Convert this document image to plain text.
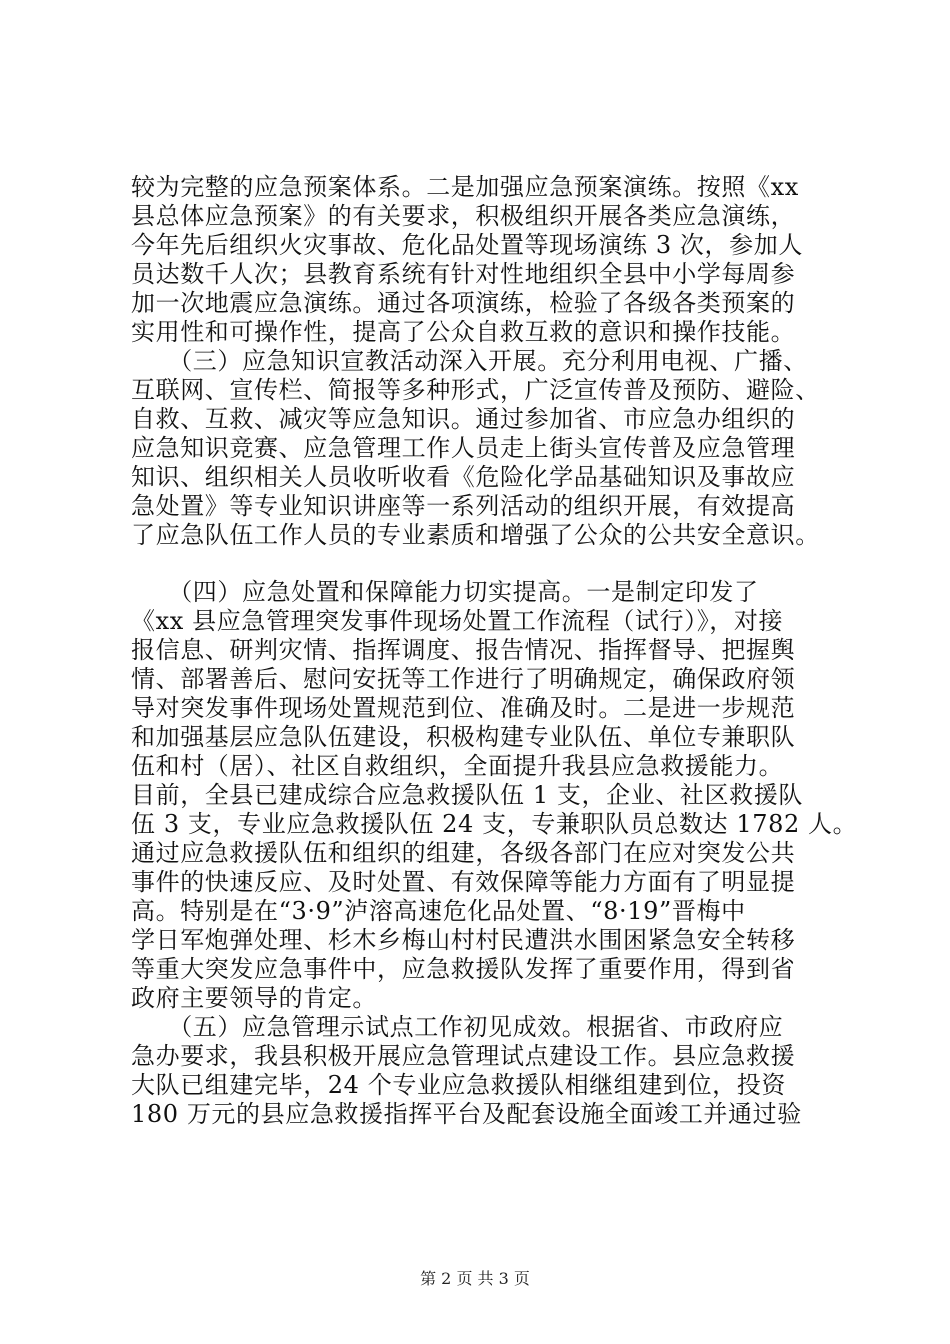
较为完整的应急预案体系。二是加强应急预案演练。按照《xx
县总体应急预案》的有关要求，积极组织开展各类应急演练，
今年先后组织火灾事故、危化品处置等现场演练 3 次，参加人
员达数千人次；县教育系统有针对性地组织全县中小学每周参
加一次地震应急演练。通过各项演练，检验了各级各类预案的
实用性和可操作性，提高了公众自救互救的意识和操作技能。
　　（三）应急知识宣教活动深入开展。充分利用电视、广播、
互联网、宣传栏、简报等多种形式，广泛宣传普及预防、避险、
自救、互救、减灾等应急知识。通过参加省、市应急办组织的
应急知识竞赛、应急管理工作人员走上街头宣传普及应急管理
知识、组织相关人员收听收看《危险化学品基础知识及事故应
急处置》等专业知识讲座等一系列活动的组织开展，有效提高
了应急队伍工作人员的专业素质和增强了公众的公共安全意识。
　　（四）应急处置和保障能力切实提高。一是制定印发了
《xx 县应急管理突发事件现场处置工作流程（试行）》，对接
报信息、研判灾情、指挥调度、报告情况、指挥督导、把握舆
情、部署善后、慰问安抚等工作进行了明确规定，确保政府领
导对突发事件现场处置规范到位、准确及时。二是进一步规范
和加强基层应急队伍建设，积极构建专业队伍、单位专兼职队
伍和村（居）、社区自救组织，全面提升我县应急救援能力。
目前，全县已建成综合应急救援队伍 1 支，企业、社区救援队
伍 3 支，专业应急救援队伍 24 支，专兼职队员总数达 1782 人。
通过应急救援队伍和组织的组建，各级各部门在应对突发公共
事件的快速反应、及时处置、有效保障等能力方面有了明显提
高。特别是在“3·9”泸溶高速危化品处置、“8·19”晋梅中
学日军炮弹处理、杉木乡梅山村村民遭洪水围困紧急安全转移
等重大突发应急事件中，应急救援队发挥了重要作用，得到省
政府主要领导的肯定。
　　（五）应急管理示试点工作初见成效。根据省、市政府应
急办要求，我县积极开展应急管理试点建设工作。县应急救援
大队已组建完毕，24 个专业应急救援队相继组建到位，投资
180 万元的县应急救援指挥平台及配套设施全面竣工并通过验
第 2 页 共 3 页
